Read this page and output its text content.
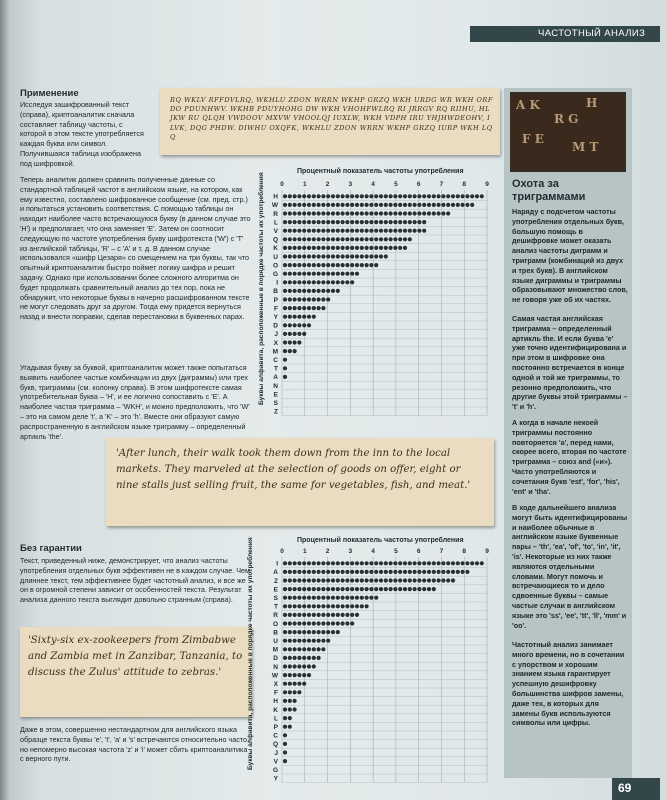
ЧАСТОТНЫЙ АНАЛИЗ
Применение
Исследуя зашифрованный текст (справа), криптоаналитик сначала составляет таблицу частоты, с которой в этом тексте употребляется каждая буква или символ. Получившаяся таблица изображена под шифровкой.
Теперь аналитик должен сравнить полученные данные со стандартной таблицей частот в английском языке, на котором, как ему известно, составлено шифрованное сообщение (см. пред. стр.) и попытаться установить соответствия. С помощью таблицы он находит наиболее часто встречающуюся букву (в данном случае это 'H') и предполагает, что она заменяет 'E'. Затем он соотносит следующую по частоте употребления букву шифротекста ('W') с 'T' из английской таблицы, 'R' – с 'A' и т. д. В данном случае использовался «шифр Цезаря» со смещением на три буквы, так что опытный криптоаналитик быстро поймет логику шифра и решит задачу. Однако при использовании более сложного алгоритма он будет продолжать сравнительный анализ до тех пор, пока не обнаружит, что некоторые буквы в начерно расшифрованном тексте не могут следовать друг за другом. Тогда ему придется вернуться назад и внести поправки, сделав перестановки в буквенных парах.
Угадывая букву за буквой, криптоаналитик может также попытаться выявить наиболее частые комбинации из двух (диграммы) или трех букв, триграммы (см. колонку справа). В этом шифротексте самая употребительная буква – 'H', и ее логично сопоставить с 'E'. А наиболее частая триграмма – 'WKH', и можно предположить, что 'W' – это на самом деле 't', а 'K' – это 'h'. Вместе они образуют самую распространенную в английском языке триграмму – определенный артикль 'the'.
RQ WKLV RFFDVLRQ, WKHLU ZDON WRRN WKHP GRZQ WKH URDG WR WKH ORFDO PDUNHWV. WKHB PDUYHOHG DW WKH VHOHFWLRQ RI JRRGV RQ RIIHU, HLJKW RU QLQH VWDOOV MXVW VHOOLQJ IUXLW, WKH VDPH IRU YHJHWDEOHV, ILVK, DQG PHDW. DIWHU OXQFK, WKHLU ZDON WRRN WKHP GRZQ IURP WKH LQQ
Процентный показатель частоты употребления
Буквы алфавита, расположенные в порядке частоты их употребления 0	1	2	3	4	5	6	7	8	9
H
W
R
L
V
Q
K
U
O
G
I
B
P
F
Y
D
J
X
M
C
T
A
N
E
S
Z
'After lunch, their walk took them down from the inn to the local markets. They marveled at the selection of goods on offer, eight or nine stalls just selling fruit, the same for vegetables, fish, and meat.'
Без гарантии
Текст, приведенный ниже, демонстрирует, что анализ частоты употребления отдельных букв эффективен не в каждом случае. Чем длиннее текст, тем эффективнее будет частотный анализ, и все же он в огромной степени зависит от особенностей текста. Результат анализа данного текста выглядит довольно странным (справа).
'Sixty-six ex-zookeepers from Zimbabwe and Zambia met in Zanzibar, Tanzania, to discuss the Zulus' attitude to zebras.'
Даже в этом, совершенно нестандартном для английского языка образце текста буквы 'e', 't', 'a' и 's' встречаются относительно часто, но непомерно высокая частота 'z' и 'i' может сбить криптоаналитика с верного пути.
Процентный показатель частоты употребления
Буквы алфавита, расположенные в порядке частоты их употребления	0	1	2	3	4	5	6	7	8	9
I
A
Z
E
S
T
R
O
B
U
M
D
N
W
X
F
H
K
L
P
C
Q
J
V
G
Y
A K
R G
H
F E
M T
Охота за триграммами
Наряду с подсчетом частоты употребления отдельных букв, большую помощь в дешифровке может оказать анализ частоты диграмм и триграмм (комбинаций из двух и трех букв). В английском языке диграммы и триграммы образовывают множество слов, не говоря уже об их частях.
Самая частая английская триграмма – определенный артикль the. И если буква 'e' уже точно идентифицирована и при этом в шифровке она постоянно встречается в конце одной и той же триграммы, то резонно предположить, что другие буквы этой триграммы – 't' и 'h'.
А когда в начале некоей триграммы постоянно повторяется 'a', перед нами, скорее всего, вторая по частоте триграмма – союз and («и»). Часто употребляются и сочетания букв 'est', 'for', 'his', 'ent' и 'tha'.
В ходе дальнейшего анализа могут быть идентифицированы и наиболее обычные в английском языке буквенные пары – 'th', 'ea', 'of', 'to', 'in', 'it', 'is'. Некоторые из них также являются отдельными словами. Могут помочь и встречающиеся то и дело сдвоенные буквы – самые частые случаи в английском языке это 'ss', 'ee', 'tt', 'll', 'mm' и 'oo'.
Частотный анализ занимает много времени, но в сочетании с упорством и хорошим знанием языка гарантирует успешную дешифровку большинства шифров замены, даже тех, в которых для замены букв используются символы или цифры.
69
